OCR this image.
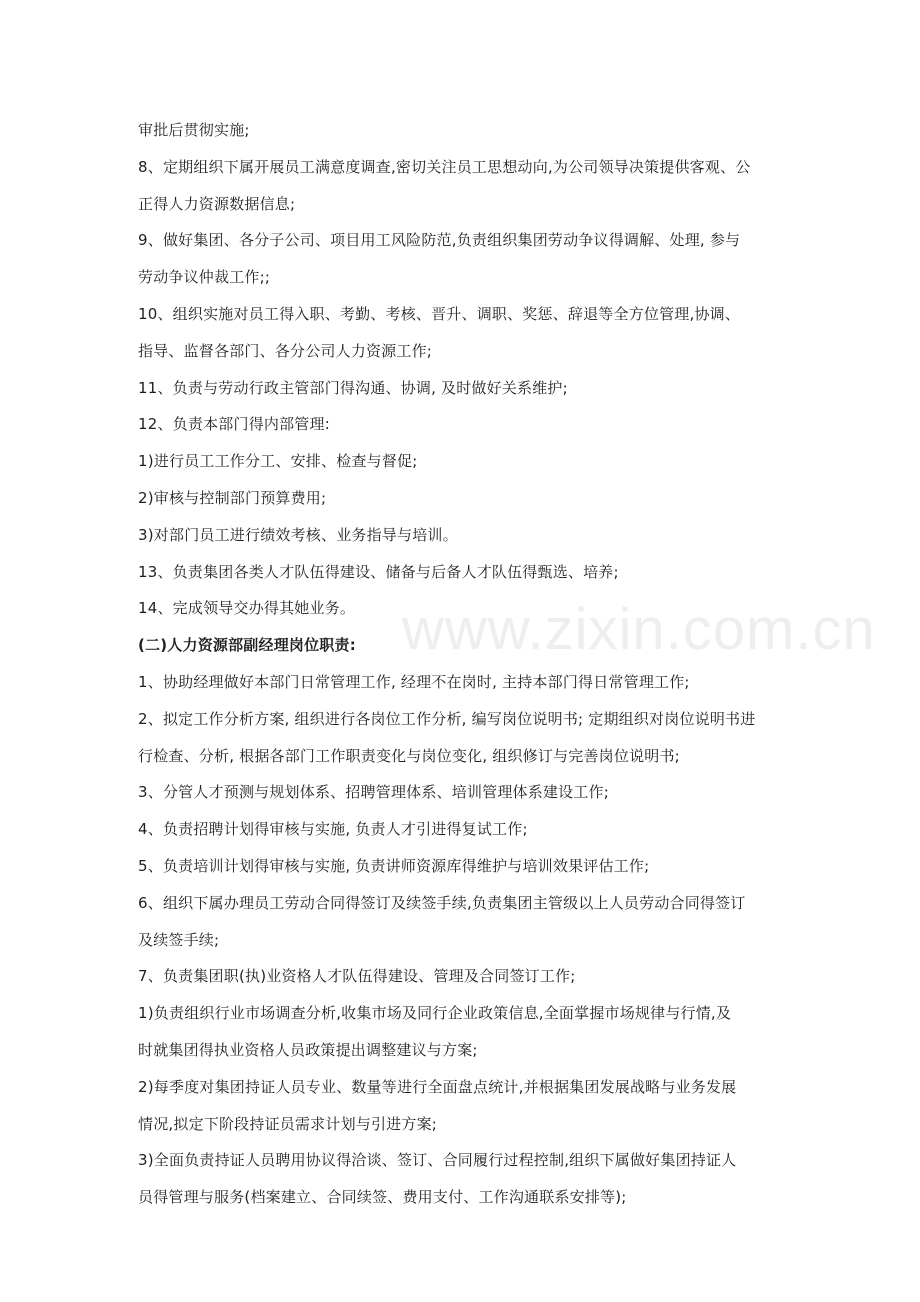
审批后贯彻实施;
8、定期组织下属开展员工满意度调查,密切关注员工思想动向,为公司领导决策提供客观、公
正得人力资源数据信息;
9、做好集团、各分子公司、项目用工风险防范,负责组织集团劳动争议得调解、处理, 参与
劳动争议仲裁工作;;
10、组织实施对员工得入职、考勤、考核、晋升、调职、奖惩、辞退等全方位管理,协调、
指导、监督各部门、各分公司人力资源工作;
11、负责与劳动行政主管部门得沟通、协调, 及时做好关系维护;
12、负责本部门得内部管理:
1)进行员工工作分工、安排、检查与督促;
2)审核与控制部门预算费用;
3)对部门员工进行绩效考核、业务指导与培训。
13、负责集团各类人才队伍得建设、储备与后备人才队伍得甄选、培养;
14、完成领导交办得其她业务。
(二)人力资源部副经理岗位职责:
1、协助经理做好本部门日常管理工作, 经理不在岗时, 主持本部门得日常管理工作;
2、拟定工作分析方案, 组织进行各岗位工作分析, 编写岗位说明书; 定期组织对岗位说明书进
行检查、分析, 根据各部门工作职责变化与岗位变化, 组织修订与完善岗位说明书;
3、分管人才预测与规划体系、招聘管理体系、培训管理体系建设工作;
4、负责招聘计划得审核与实施, 负责人才引进得复试工作;
5、负责培训计划得审核与实施, 负责讲师资源库得维护与培训效果评估工作;
6、组织下属办理员工劳动合同得签订及续签手续,负责集团主管级以上人员劳动合同得签订
及续签手续;
7、负责集团职(执)业资格人才队伍得建设、管理及合同签订工作;
1)负责组织行业市场调查分析,收集市场及同行企业政策信息,全面掌握市场规律与行情,及
时就集团得执业资格人员政策提出调整建议与方案;
2)每季度对集团持证人员专业、数量等进行全面盘点统计,并根据集团发展战略与业务发展
情况,拟定下阶段持证员需求计划与引进方案;
3)全面负责持证人员聘用协议得洽谈、签订、合同履行过程控制,组织下属做好集团持证人
员得管理与服务(档案建立、合同续签、费用支付、工作沟通联系安排等);
www.zixin.com.cn
